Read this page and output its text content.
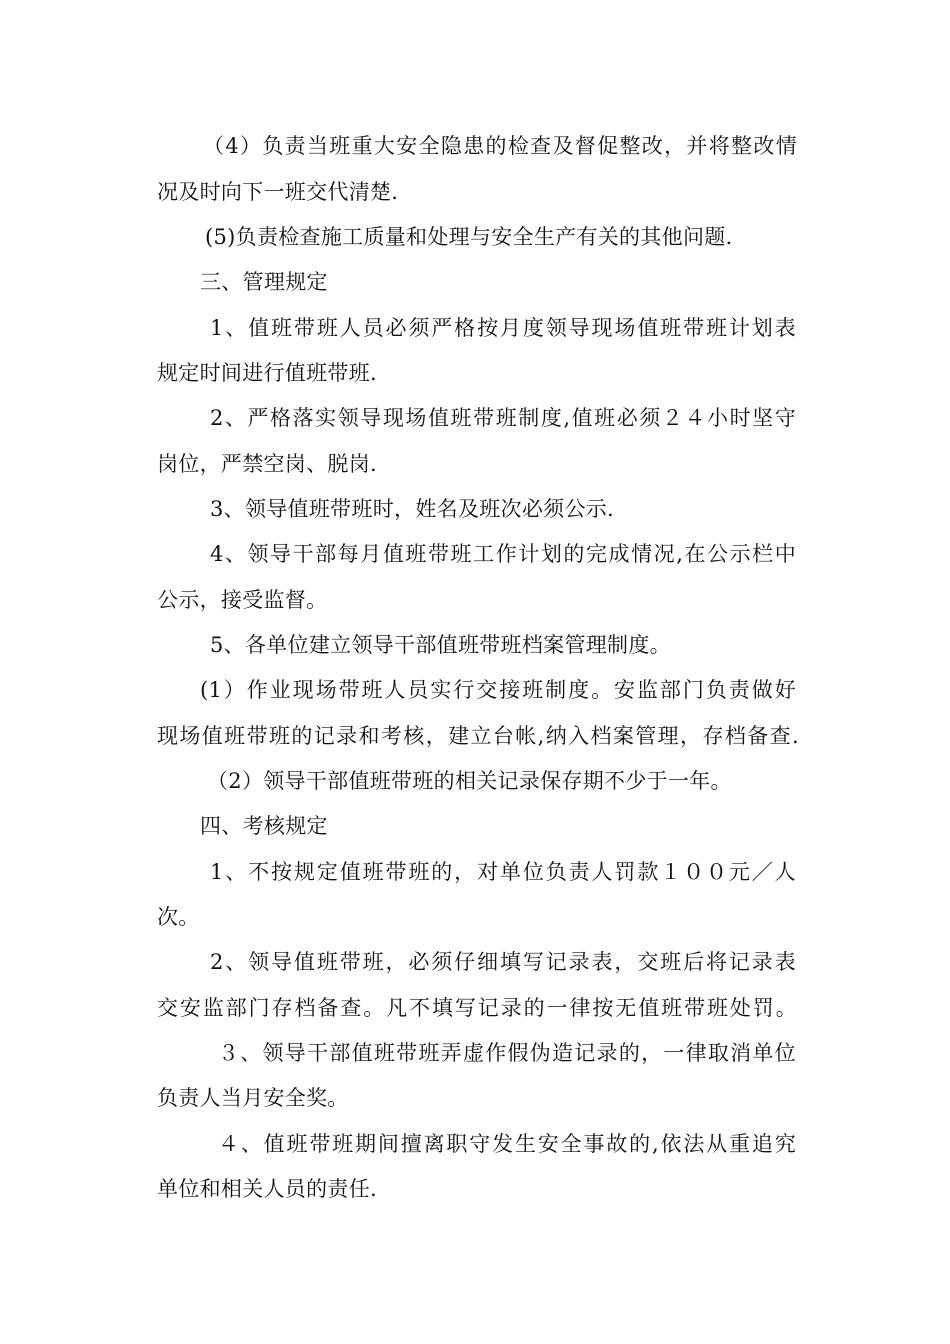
（4）负责当班重大安全隐患的检查及督促整改，并将整改情
况及时向下一班交代清楚.
(5)负责检查施工质量和处理与安全生产有关的其他问题.
三、管理规定
1、值班带班人员必须严格按月度领导现场值班带班计划表
规定时间进行值班带班.
2、严格落实领导现场值班带班制度,值班必须２４小时坚守
岗位，严禁空岗、脱岗.
3、领导值班带班时，姓名及班次必须公示.
4、领导干部每月值班带班工作计划的完成情况,在公示栏中
公示，接受监督。
5、各单位建立领导干部值班带班档案管理制度。
(1）作业现场带班人员实行交接班制度。安监部门负责做好
现场值班带班的记录和考核，建立台帐,纳入档案管理，存档备查.
（2）领导干部值班带班的相关记录保存期不少于一年。
四、考核规定
1、不按规定值班带班的，对单位负责人罚款１００元／人
次。
2、领导值班带班，必须仔细填写记录表，交班后将记录表
交安监部门存档备查。凡不填写记录的一律按无值班带班处罚。
３、领导干部值班带班弄虚作假伪造记录的，一律取消单位
负责人当月安全奖。
４、值班带班期间擅离职守发生安全事故的,依法从重追究
单位和相关人员的责任.
